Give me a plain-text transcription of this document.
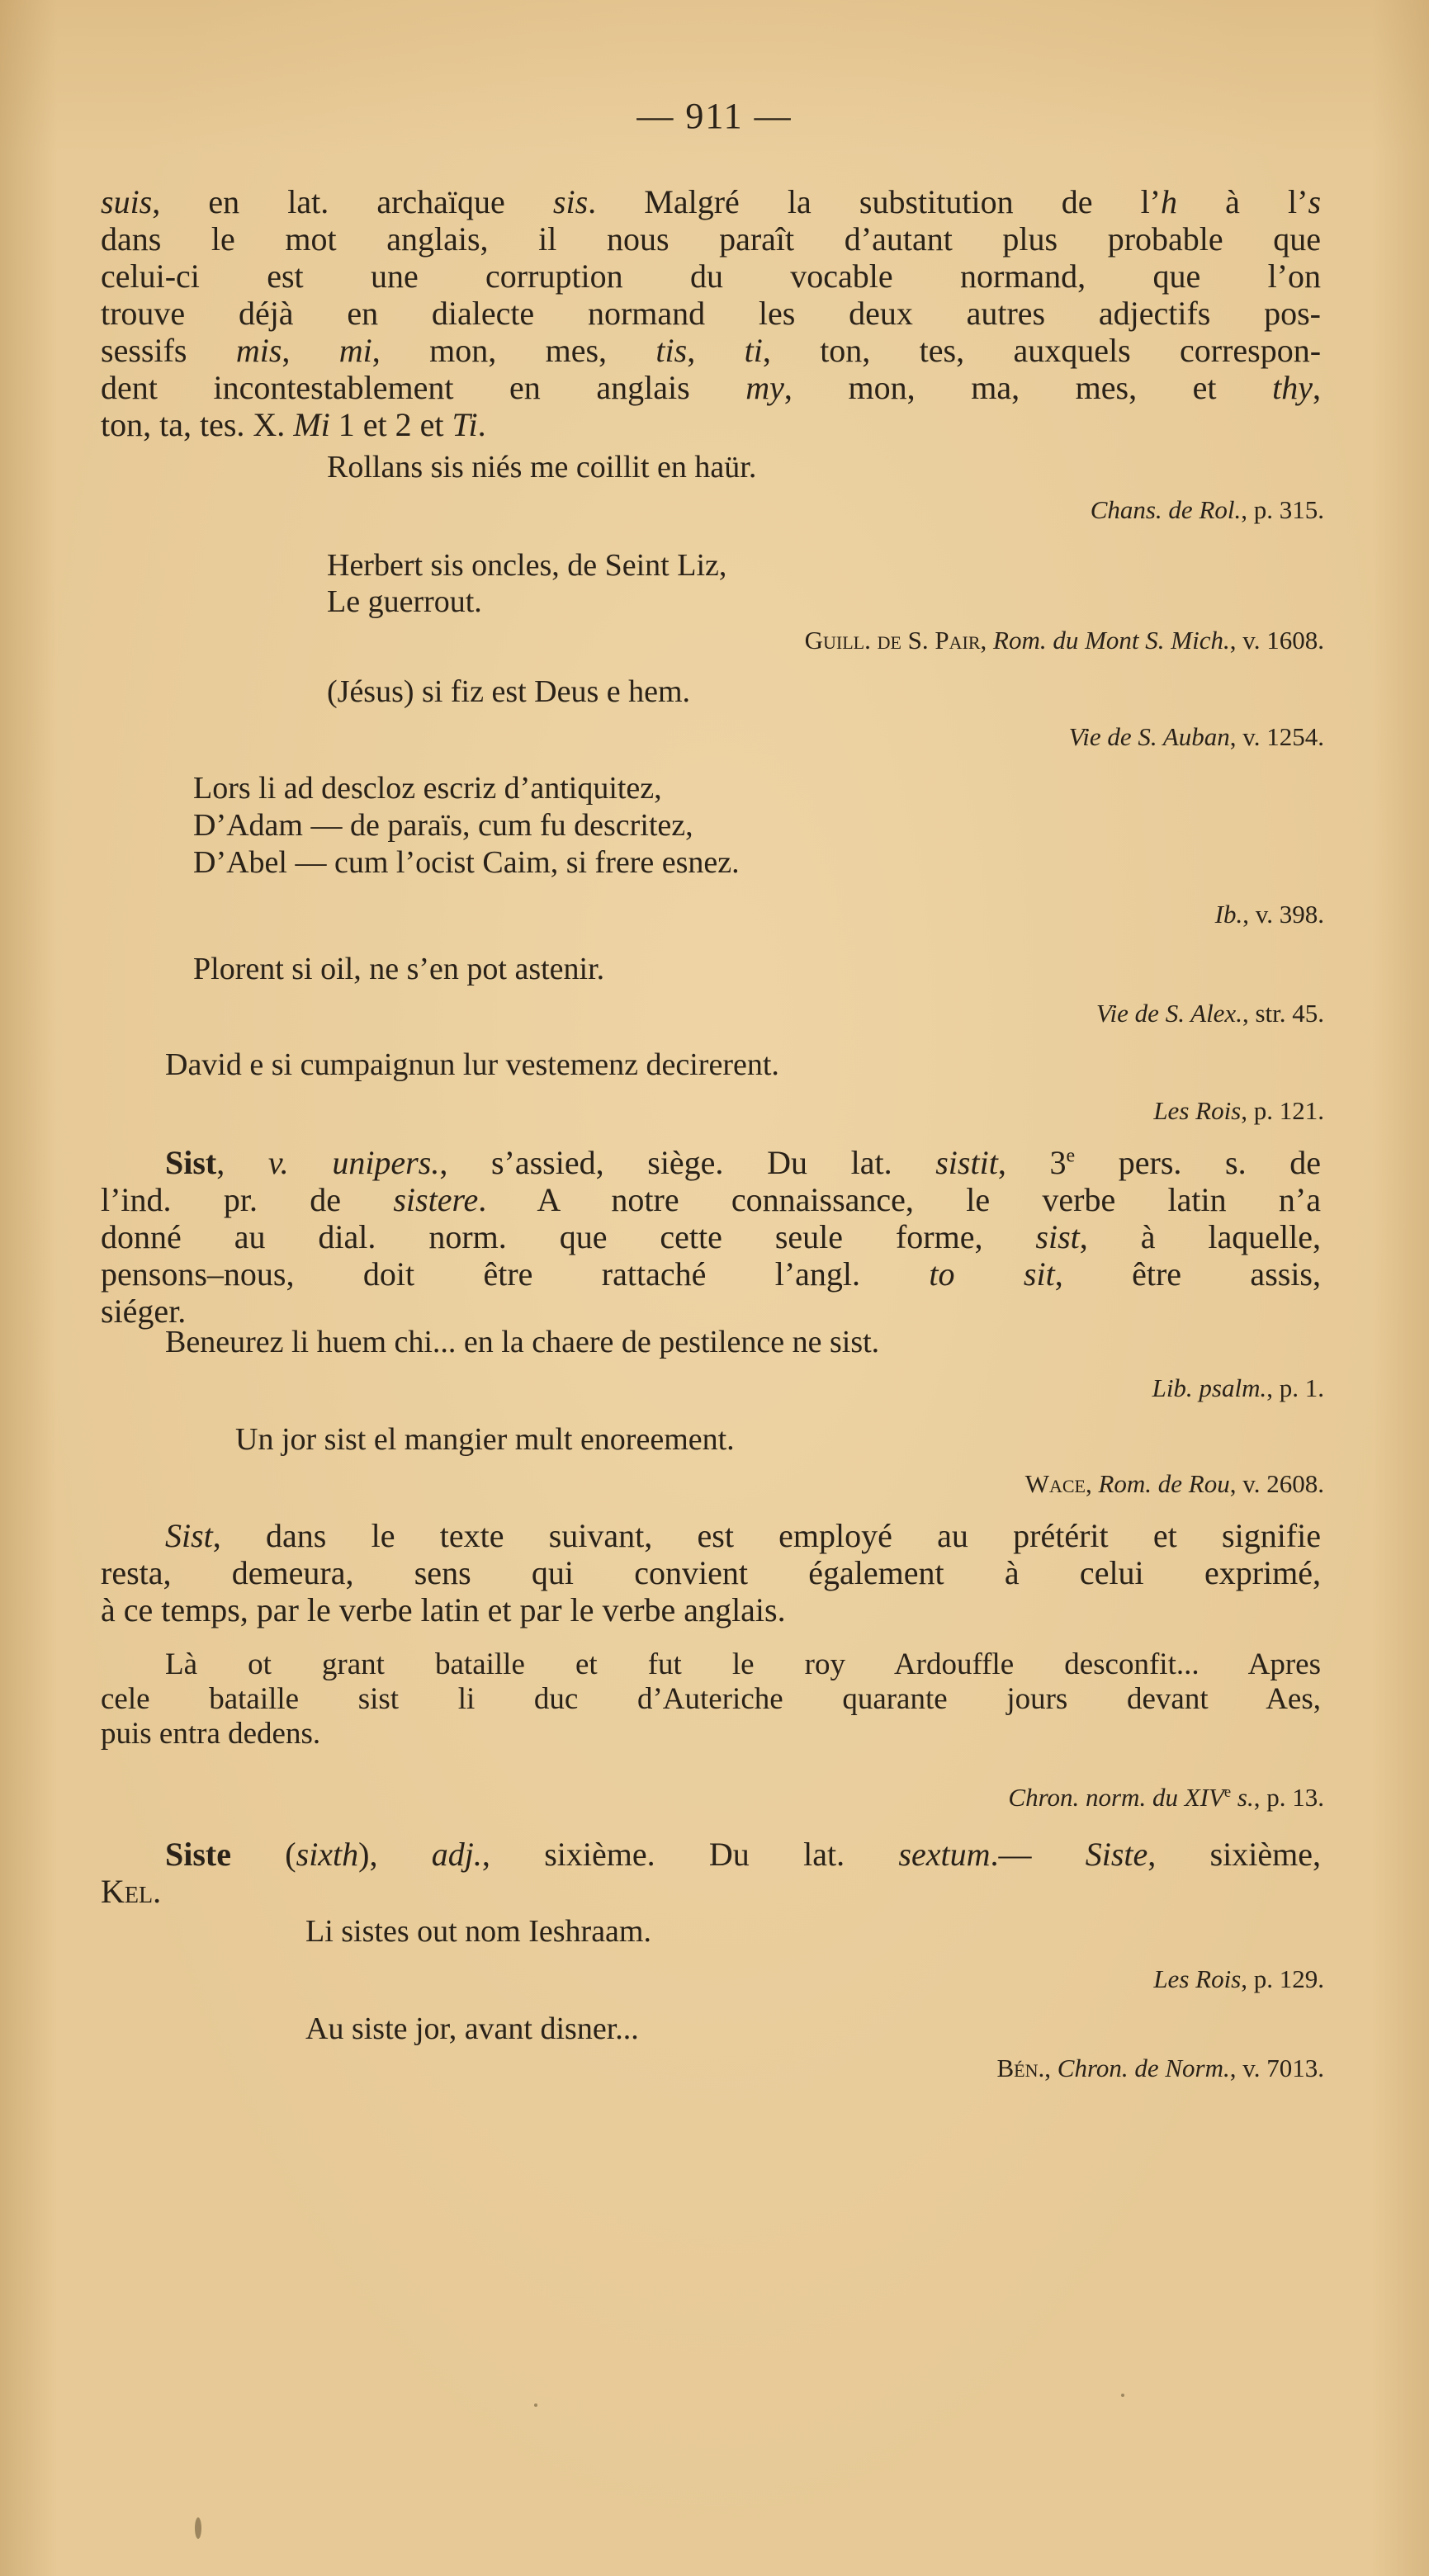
— 911 —
suis, en lat. archaïque sis. Malgré la substitution de l’h à l’s
dans le mot anglais, il nous paraît d’autant plus probable que
celui-ci est une corruption du vocable normand, que l’on
trouve déjà en dialecte normand les deux autres adjectifs pos-
sessifs mis, mi, mon, mes, tis, ti, ton, tes, auxquels correspon-
dent incontestablement en anglais my, mon, ma, mes, et thy,
ton, ta, tes. X. Mi 1 et 2 et Ti.
Rollans sis niés me coillit en haür.
Chans. de Rol., p. 315.
Herbert sis oncles, de Seint Liz,
Le guerrout.
Guill. de S. Pair, Rom. du Mont S. Mich., v. 1608.
(Jésus) si fiz est Deus e hem.
Vie de S. Auban, v. 1254.
Lors li ad descloz escriz d’antiquitez,
D’Adam — de paraïs, cum fu descritez,
D’Abel — cum l’ocist Caim, si frere esnez.
Ib., v. 398.
Plorent si oil, ne s’en pot astenir.
Vie de S. Alex., str. 45.
David e si cumpaignun lur vestemenz decirerent.
Les Rois, p. 121.
Sist, v. unipers., s’assied, siège. Du lat. sistit, 3e pers. s. de
l’ind. pr. de sistere. A notre connaissance, le verbe latin n’a
donné au dial. norm. que cette seule forme, sist, à laquelle,
pensons–nous, doit être rattaché l’angl. to sit, être assis,
siéger.
Beneurez li huem chi... en la chaere de pestilence ne sist.
Lib. psalm., p. 1.
Un jor sist el mangier mult enoreement.
Wace, Rom. de Rou, v. 2608.
Sist, dans le texte suivant, est employé au prétérit et signifie
resta, demeura, sens qui convient également à celui exprimé,
à ce temps, par le verbe latin et par le verbe anglais.
Là ot grant bataille et fut le roy Ardouffle desconfit... Apres
cele bataille sist li duc d’Auteriche quarante jours devant Aes,
puis entra dedens.
Chron. norm. du XIVe s., p. 13.
Siste (sixth), adj., sixième. Du lat. sextum.— Siste, sixième,
Kel.
Li sistes out nom Ieshraam.
Les Rois, p. 129.
Au siste jor, avant disner...
Bén., Chron. de Norm., v. 7013.
